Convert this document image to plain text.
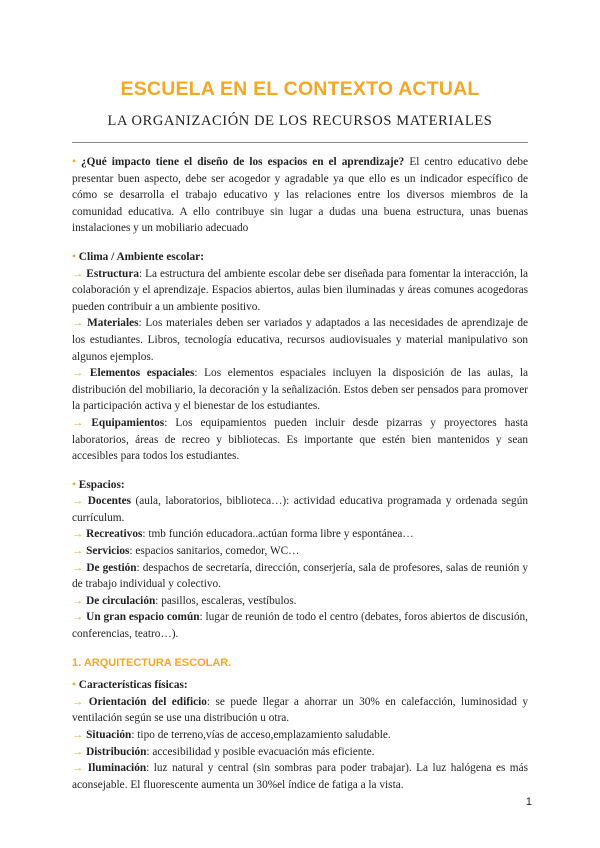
ESCUELA EN EL CONTEXTO ACTUAL
LA ORGANIZACIÓN DE LOS RECURSOS MATERIALES

• ¿Qué impacto tiene el diseño de los espacios en el aprendizaje? El centro educativo debe presentar buen aspecto, debe ser acogedor y agradable ya que ello es un indicador específico de cómo se desarrolla el trabajo educativo y las relaciones entre los diversos miembros de la comunidad educativa. A ello contribuye sin lugar a dudas una buena estructura, unas buenas instalaciones y un mobiliario adecuado

• Clima / Ambiente escolar:

→ Estructura: La estructura del ambiente escolar debe ser diseñada para fomentar la interacción, la colaboración y el aprendizaje. Espacios abiertos, aulas bien iluminadas y áreas comunes acogedoras pueden contribuir a un ambiente positivo.

→ Materiales: Los materiales deben ser variados y adaptados a las necesidades de aprendizaje de los estudiantes. Libros, tecnología educativa, recursos audiovisuales y material manipulativo son algunos ejemplos.

→ Elementos espaciales: Los elementos espaciales incluyen la disposición de las aulas, la distribución del mobiliario, la decoración y la señalización. Estos deben ser pensados para promover la participación activa y el bienestar de los estudiantes.

→ Equipamientos: Los equipamientos pueden incluir desde pizarras y proyectores hasta laboratorios, áreas de recreo y bibliotecas. Es importante que estén bien mantenidos y sean accesibles para todos los estudiantes.

• Espacios:

→ Docentes (aula, laboratorios, biblioteca…): actividad educativa programada y ordenada según currículum.

→ Recreativos: tmb función educadora..actúan forma libre y espontánea…

→ Servicios: espacios sanitarios, comedor, WC…

→ De gestión: despachos de secretaría, dirección, conserjería, sala de profesores, salas de reunión y de trabajo individual y colectivo.

→ De circulación: pasillos, escaleras, vestíbulos.

→ Un gran espacio común: lugar de reunión de todo el centro (debates, foros abiertos de discusión, conferencias, teatro…).

1. ARQUITECTURA ESCOLAR.

• Características físicas:

→ Orientación del edificio: se puede llegar a ahorrar un 30% en calefacción, luminosidad y ventilación según se use una distribución u otra.

→ Situación: tipo de terreno,vías de acceso,emplazamiento saludable.

→ Distribución: accesibilidad y posible evacuación más eficiente.

→ Iluminación: luz natural y central (sin sombras para poder trabajar). La luz halógena es más aconsejable. El fluorescente aumenta un 30%el índice de fatiga a la vista.

1
